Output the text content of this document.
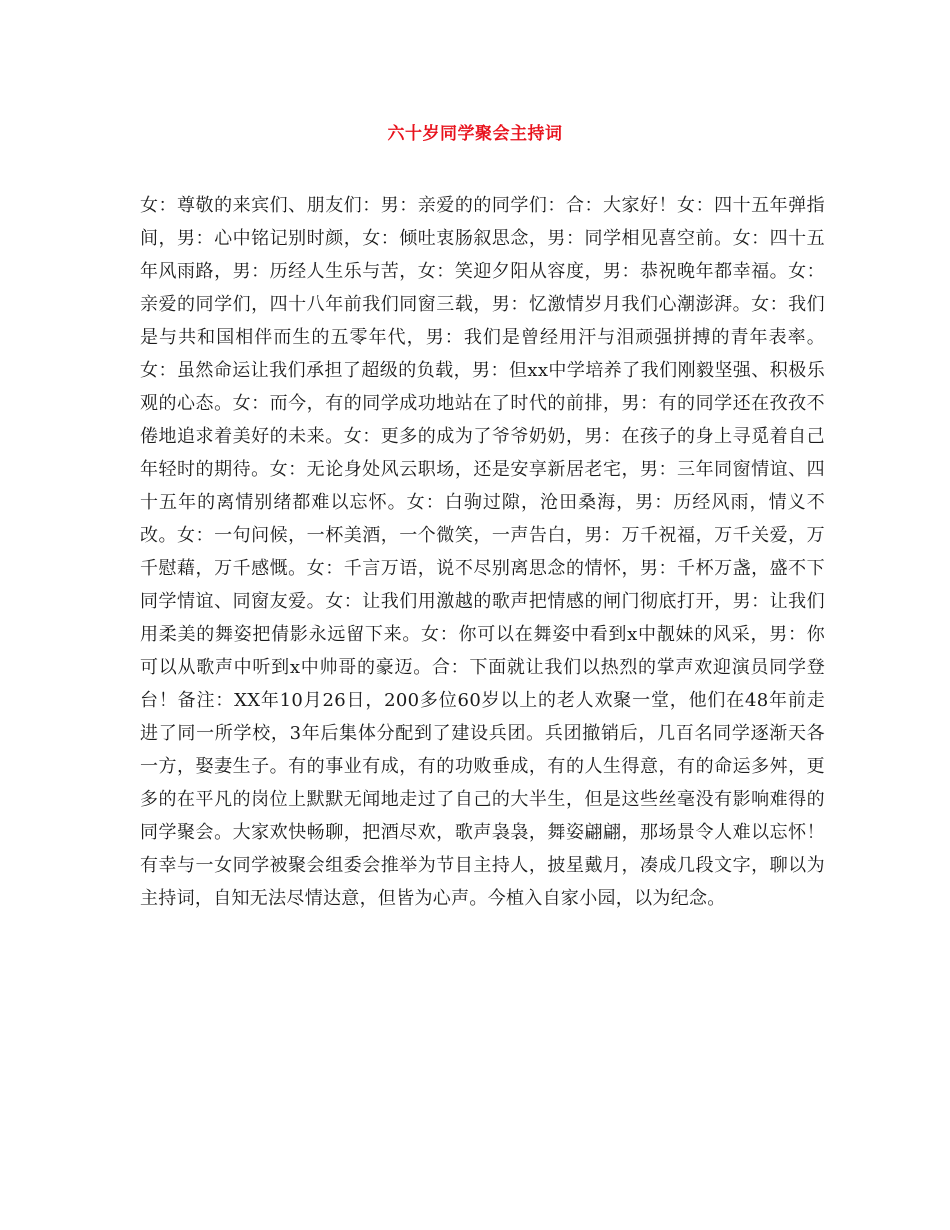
六十岁同学聚会主持词
女：尊敬的来宾们、朋友们：男：亲爱的的同学们：合：大家好！女：四十五年弹指间，男：心中铭记别时颜，女：倾吐衷肠叙思念，男：同学相见喜空前。女：四十五年风雨路，男：历经人生乐与苦，女：笑迎夕阳从容度，男：恭祝晚年都幸福。女：亲爱的同学们，四十八年前我们同窗三载，男：忆激情岁月我们心潮澎湃。女：我们是与共和国相伴而生的五零年代，男：我们是曾经用汗与泪顽强拼搏的青年表率。女：虽然命运让我们承担了超级的负载，男：但xx中学培养了我们刚毅坚强、积极乐观的心态。女：而今，有的同学成功地站在了时代的前排，男：有的同学还在孜孜不倦地追求着美好的未来。女：更多的成为了爷爷奶奶，男：在孩子的身上寻觅着自己年轻时的期待。女：无论身处风云职场，还是安享新居老宅，男：三年同窗情谊、四十五年的离情别绪都难以忘怀。女：白驹过隙，沧田桑海，男：历经风雨，情义不改。女：一句问候，一杯美酒，一个微笑，一声告白，男：万千祝福，万千关爱，万千慰藉，万千感慨。女：千言万语，说不尽别离思念的情怀，男：千杯万盏，盛不下同学情谊、同窗友爱。女：让我们用激越的歌声把情感的闸门彻底打开，男：让我们用柔美的舞姿把倩影永远留下来。女：你可以在舞姿中看到x中靓妹的风采，男：你可以从歌声中听到x中帅哥的豪迈。合：下面就让我们以热烈的掌声欢迎演员同学登台！备注：XX年10月26日，200多位60岁以上的老人欢聚一堂，他们在48年前走进了同一所学校，3年后集体分配到了建设兵团。兵团撤销后，几百名同学逐渐天各一方，娶妻生子。有的事业有成，有的功败垂成，有的人生得意，有的命运多舛，更多的在平凡的岗位上默默无闻地走过了自己的大半生，但是这些丝毫没有影响难得的同学聚会。大家欢快畅聊，把酒尽欢，歌声袅袅，舞姿翩翩，那场景令人难以忘怀！有幸与一女同学被聚会组委会推举为节目主持人，披星戴月，凑成几段文字，聊以为主持词，自知无法尽情达意，但皆为心声。今植入自家小园，以为纪念。
